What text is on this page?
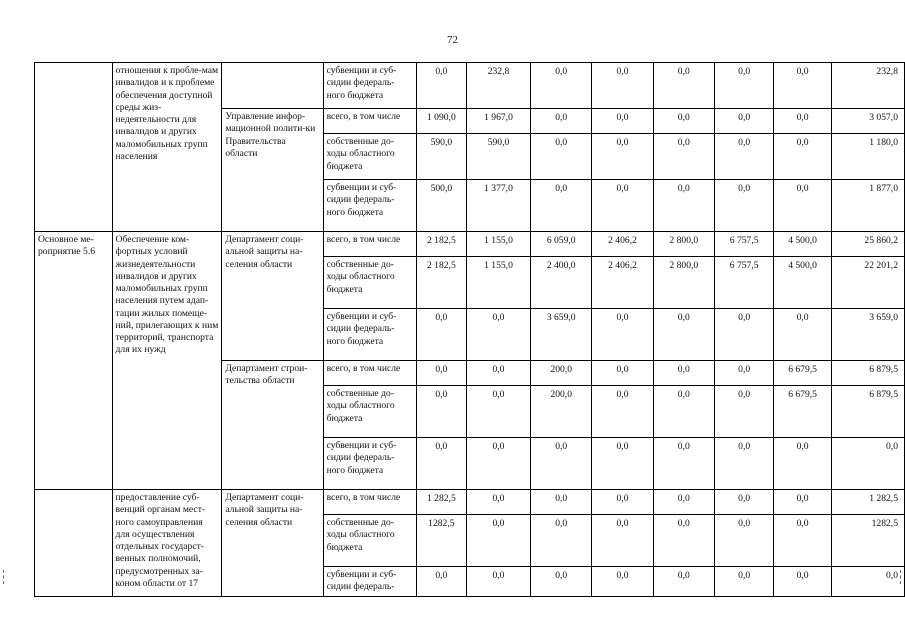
72
	отношения к пробле-мам инвалидов и к проблеме обеспечения доступной среды жиз-недеятельности для инвалидов и других маломобильных групп населения		субвенции и суб-сидии федераль-ного бюджета	0,0	232,8	0,0	0,0	0,0	0,0	0,0	232,8
		Управление инфор-мационной полити-ки Правительства области	всего, в том числе	1 090,0	1 967,0	0,0	0,0	0,0	0,0	0,0	3 057,0
			собственные до-ходы областного бюджета	590,0	590,0	0,0	0,0	0,0	0,0	0,0	1 180,0
			субвенции и суб-сидии федераль-ного бюджета	500,0	1 377,0	0,0	0,0	0,0	0,0	0,0	1 877,0
Основное ме-роприятие 5.6	Обеспечение ком-фортных условий жизнедеятельности инвалидов и других маломобильных групп населения путем адап-тации жилых помеще-ний, прилегающих к ним территорий, транспорта для их нужд	Департамент соци-альной защиты на-селения области	всего, в том числе	2 182,5	1 155,0	6 059,0	2 406,2	2 800,0	6 757,5	4 500,0	25 860,2
			собственные до-ходы областного бюджета	2 182,5	1 155,0	2 400,0	2 406,2	2 800,0	6 757,5	4 500,0	22 201,2
			субвенции и суб-сидии федераль-ного бюджета	0,0	0,0	3 659,0	0,0	0,0	0,0	0,0	3 659,0
		Департамент строи-тельства области	всего, в том числе	0,0	0,0	200,0	0,0	0,0	0,0	6 679,5	6 879,5
			собственные до-ходы областного бюджета	0,0	0,0	200,0	0,0	0,0	0,0	6 679,5	6 879,5
			субвенции и суб-сидии федераль-ного бюджета	0,0	0,0	0,0	0,0	0,0	0,0	0,0	0,0
	предоставление суб-венций органам мест-ного самоуправления для осуществления отдельных государст-венных полномочий, предусмотренных за-коном области от 17	Департамент соци-альной защиты на-селения области	всего, в том числе	1 282,5	0,0	0,0	0,0	0,0	0,0	0,0	1 282,5
			собственные до-ходы областного бюджета	1282,5	0,0	0,0	0,0	0,0	0,0	0,0	1282,5
			субвенции и суб-сидии федераль-	0,0	0,0	0,0	0,0	0,0	0,0	0,0	0,0
